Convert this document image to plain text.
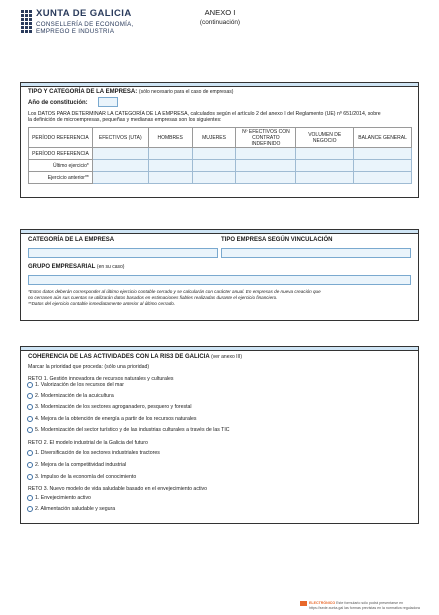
XUNTA DE GALICIA
CONSELLERÍA DE ECONOMÍA,
EMPREGO E INDUSTRIA
ANEXO I
(continuación)
TIPO Y CATEGORÍA DE LA EMPRESA: (sólo necesario para el caso de empresas)
Año de constitución:
Los DATOS PARA DETERMINAR LA CATEGORÍA DE LA EMPRESA, calculados según el artículo 2 del anexo I del Reglamento (UE) nº 651/2014, sobre
la definición de microempresas, pequeñas y medianas empresas son los siguientes:
PERÍODO REFERENCIA	EFECTIVOS (UTA)	HOMBRES	MUJERES	Nº EFECTIVOS CON CONTRATO INDEFINIDO	VOLUMEN DE NEGOCIO	BALANCE GENERAL
PERÍODO REFERENCIA						
Último ejercicio*						
Ejercicio anterior**						
CATEGORÍA DE LA EMPRESA	TIPO EMPRESA SEGÚN VINCULACIÓN
GRUPO EMPRESARIAL (en su caso)
*Estos datos deberán corresponder al último ejercicio contable cerrado y se calcularán con carácter anual. En empresas de nueva creación que
no cerrasen aún sus cuentas se utilizarán datos basados en estimaciones fiables realizadas durante el ejercicio financiero.
**Datos del ejercicio contable inmediatamente anterior al último cerrado.
COHERENCIA DE LAS ACTIVIDADES CON LA RIS3 DE GALICIA (ver anexo III)
Marcar la prioridad que proceda: (sólo una prioridad)
RETO 1. Gestión innovadora de recursos naturales y culturales
1. Valorización de los recursos del mar
2. Modernización de la acuicultura
3. Modernización de los sectores agroganadero, pesquero y forestal
4. Mejora de la obtención de energía a partir de los recursos naturales
5. Modernización del sector turístico y de las industrias culturales a través de las TIC
RETO 2. El modelo industrial de la Galicia del futuro
1. Diversificación de los sectores industriales tractores
2. Mejora de la competitividad industrial
3. Impulso de la economía del conocimiento
RETO 3. Nuevo modelo de vida saludable basado en el envejecimiento activo
1. Envejecimiento activo
2. Alimentación saludable y segura
ELECTRÓNICO Este formulario sólo podrá presentarse en
https://sede.xunta.gal las formas previstas en la normativa reguladora
